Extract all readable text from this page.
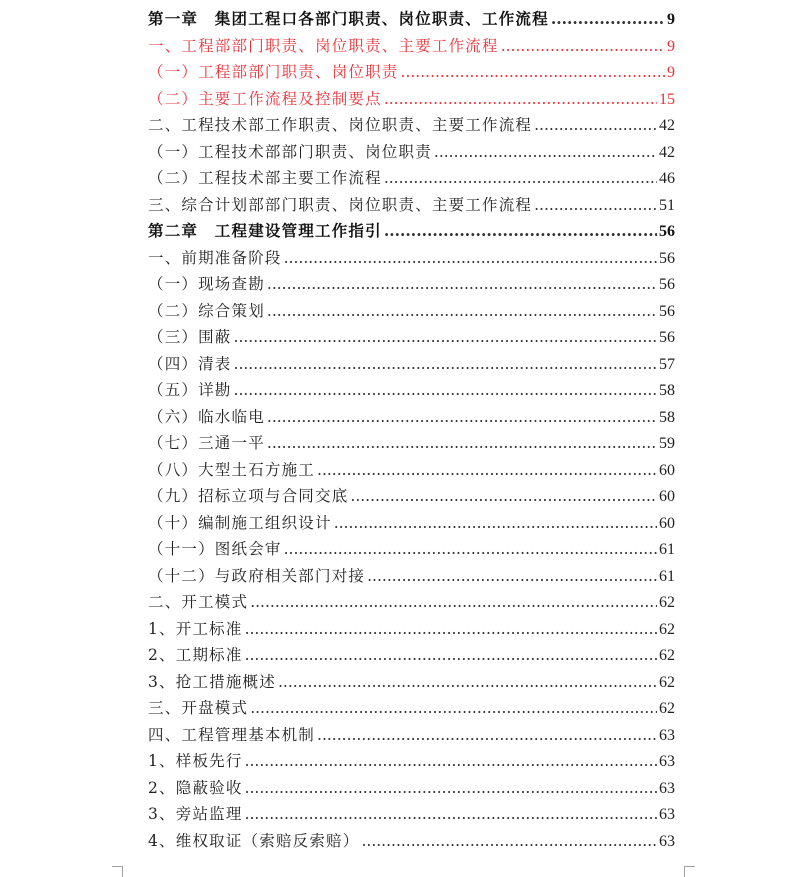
第一章　集团工程口各部门职责、岗位职责、工作流程 .....	9
一、工程部部门职责、岗位职责、主要工作流程 .....	9
（一）工程部部门职责、岗位职责 .....	9
（二）主要工作流程及控制要点 .....	15
二、工程技术部工作职责、岗位职责、主要工作流程 .....	42
（一）工程技术部部门职责、岗位职责 .....	42
（二）工程技术部主要工作流程 .....	46
三、综合计划部部门职责、岗位职责、主要工作流程 .....	51
第二章　工程建设管理工作指引 .....	56
一、前期准备阶段 .....	56
（一）现场查勘 .....	56
（二）综合策划 .....	56
（三）围蔽 .....	56
（四）清表 .....	57
（五）详勘 .....	58
（六）临水临电 .....	58
（七）三通一平 .....	59
（八）大型土石方施工 .....	60
（九）招标立项与合同交底 .....	60
（十）编制施工组织设计 .....	60
（十一）图纸会审 .....	61
（十二）与政府相关部门对接 .....	61
二、开工模式 .....	62
1、开工标准 .....	62
2、工期标准 .....	62
3、抢工措施概述 .....	62
三、开盘模式 .....	62
四、工程管理基本机制 .....	63
1、样板先行 .....	63
2、隐蔽验收 .....	63
3、旁站监理 .....	63
4、维权取证（索赔反索赔） .....	63
